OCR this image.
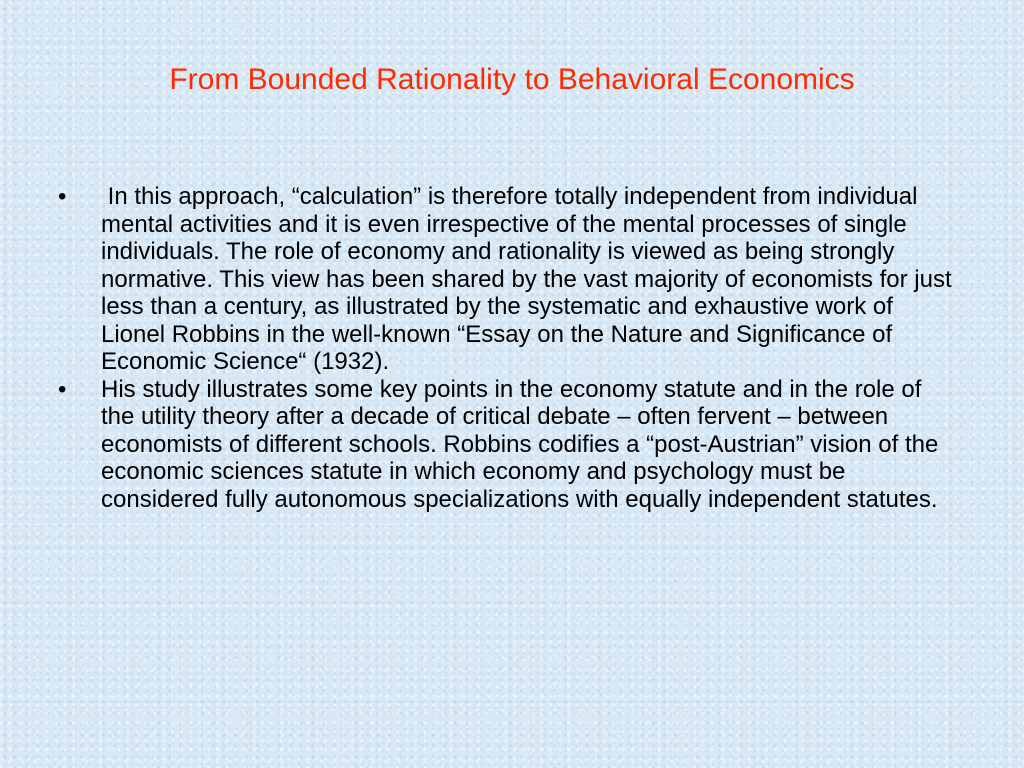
From Bounded Rationality to Behavioral Economics
•	In this approach, “calculation” is therefore totally independent from individual mental activities and it is even irrespective of the mental processes of single individuals. The role of economy and rationality is viewed as being strongly normative. This view has been shared by the vast majority of economists for just less than a century, as illustrated by the systematic and exhaustive work of Lionel Robbins in the well-known “Essay on the Nature and Significance of Economic Science“ (1932).
•	His study illustrates some key points in the economy statute and in the role of the utility theory after a decade of critical debate – often fervent – between economists of different schools. Robbins codifies a “post-Austrian” vision of the economic sciences statute in which economy and psychology must be considered fully autonomous specializations with equally independent statutes.
